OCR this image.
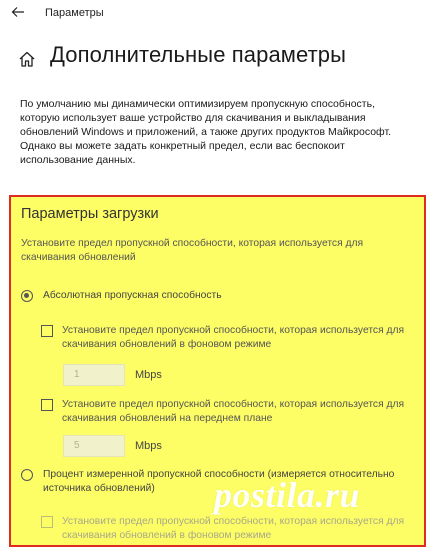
Параметры
Дополнительные параметры
По умолчанию мы динамически оптимизируем пропускную способность, которую использует ваше устройство для скачивания и выкладывания обновлений Windows и приложений, а также других продуктов Майкрософт. Однако вы можете задать конкретный предел, если вас беспокоит использование данных.
Параметры загрузки
Установите предел пропускной способности, которая используется для скачивания обновлений
Абсолютная пропускная способность
Установите предел пропускной способности, которая используется для скачивания обновлений в фоновом режиме
1	Mbps
Установите предел пропускной способности, которая используется для скачивания обновлений на переднем плане
5	Mbps
Процент измеренной пропускной способности (измеряется относительно источника обновлений)
Установите предел пропускной способности, которая используется для скачивания обновлений в фоновом режиме
postila.ru
